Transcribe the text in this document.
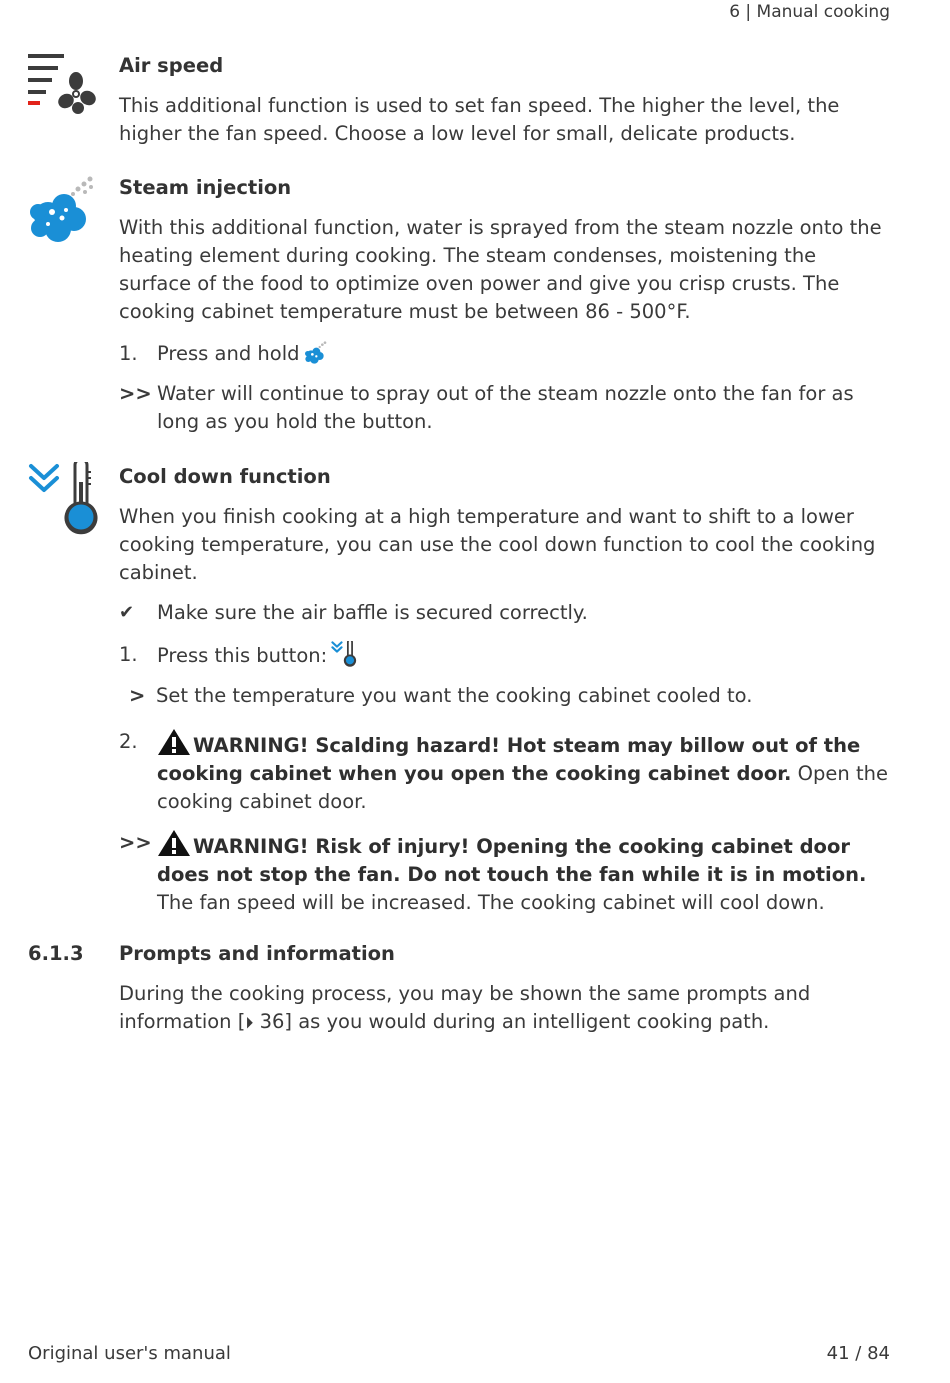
6 | Manual cooking
Air speed
This additional function is used to set fan speed. The higher the level, the higher the fan speed. Choose a low level for small, delicate products.
Steam injection
With this additional function, water is sprayed from the steam nozzle onto the heating element during cooking. The steam condenses, moistening the surface of the food to optimize oven power and give you crisp crusts. The cooking cabinet temperature must be between 86 - 500°F.
1. Press and hold
>> Water will continue to spray out of the steam nozzle onto the fan for as long as you hold the button.
Cool down function
When you finish cooking at a high temperature and want to shift to a lower cooking temperature, you can use the cool down function to cool the cooking cabinet.
✔ Make sure the air baffle is secured correctly.
1. Press this button:
> Set the temperature you want the cooking cabinet cooled to.
2.	WARNING! Scalding hazard! Hot steam may billow out of the cooking cabinet when you open the cooking cabinet door. Open the cooking cabinet door.
>>	WARNING! Risk of injury! Opening the cooking cabinet door does not stop the fan. Do not touch the fan while it is in motion. The fan speed will be increased. The cooking cabinet will cool down.
6.1.3 Prompts and information
During the cooking process, you may be shown the same prompts and information [⏵ 36] as you would during an intelligent cooking path.
Original user's manual	41 / 84
